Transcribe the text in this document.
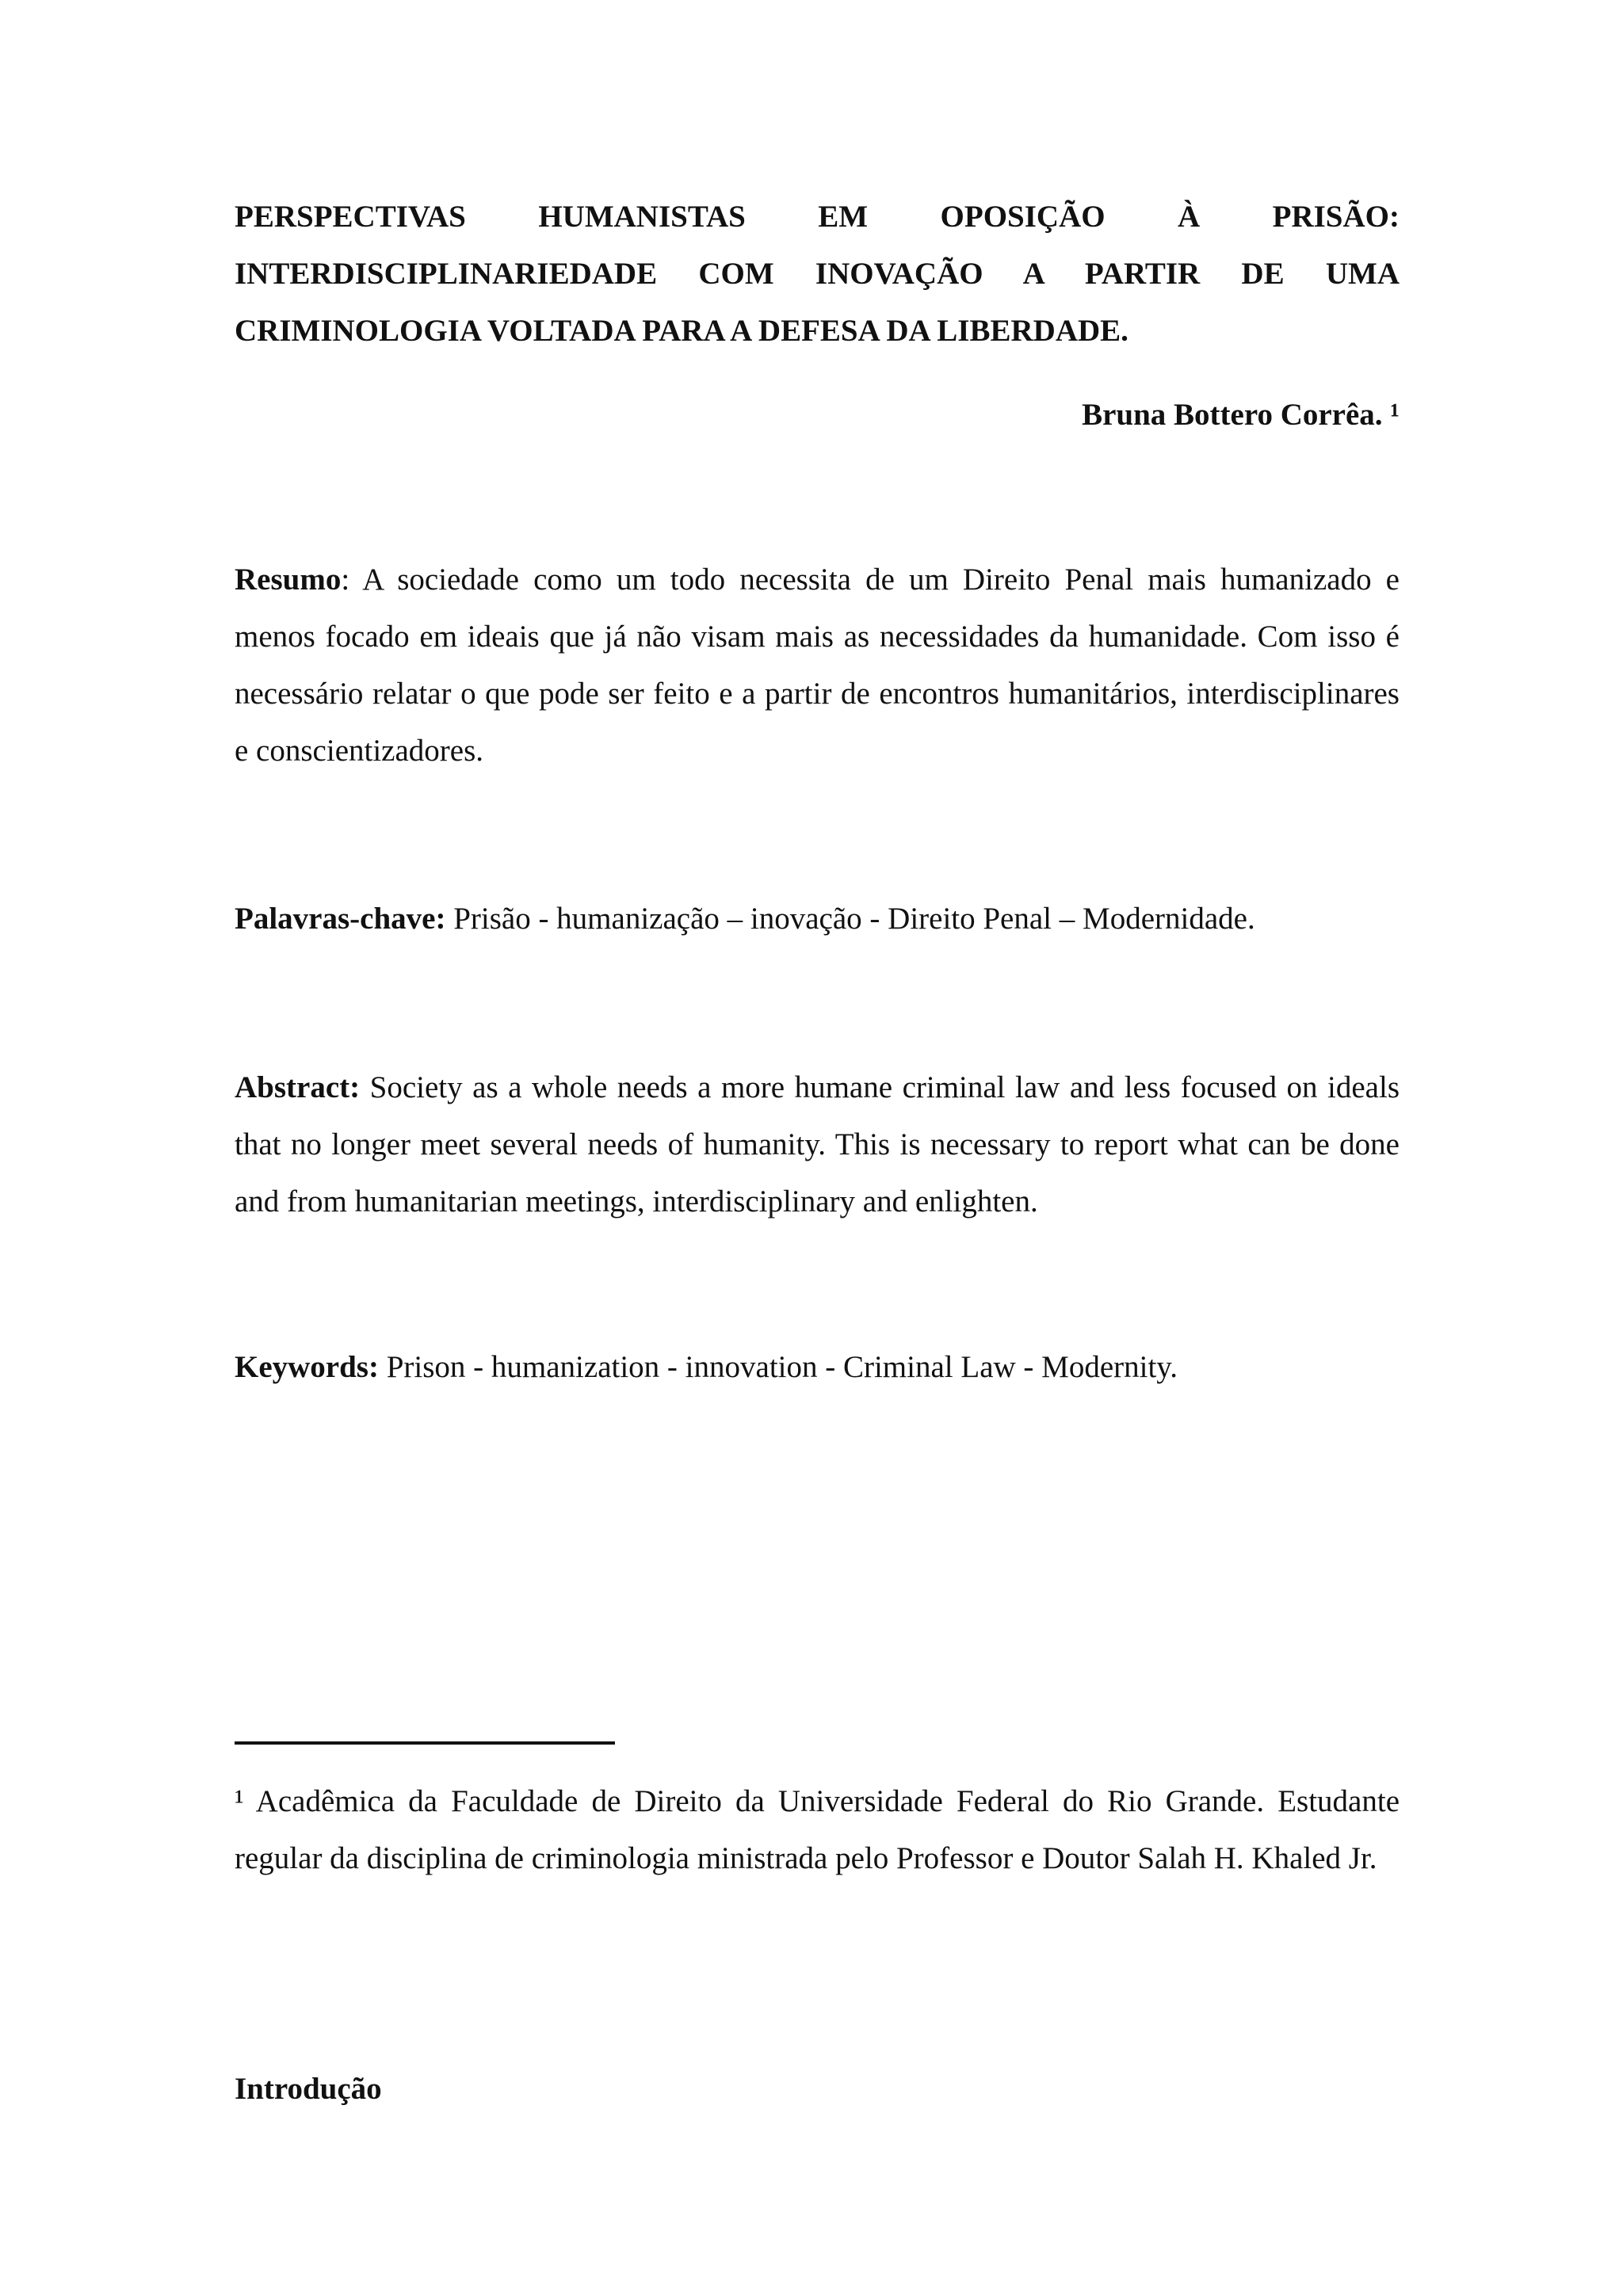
PERSPECTIVAS HUMANISTAS EM OPOSIÇÃO À PRISÃO: INTERDISCIPLINARIEDADE COM INOVAÇÃO A PARTIR DE UMA CRIMINOLOGIA VOLTADA PARA A DEFESA DA LIBERDADE.

Bruna Bottero Corrêa. ¹

Resumo: A sociedade como um todo necessita de um Direito Penal mais humanizado e menos focado em ideais que já não visam mais as necessidades da humanidade. Com isso é necessário relatar o que pode ser feito e a partir de encontros humanitários, interdisciplinares e conscientizadores.

Palavras-chave: Prisão - humanização – inovação - Direito Penal – Modernidade.

Abstract: Society as a whole needs a more humane criminal law and less focused on ideals that no longer meet several needs of humanity. This is necessary to report what can be done and from humanitarian meetings, interdisciplinary and enlighten.

Keywords: Prison - humanization - innovation - Criminal Law - Modernity.

¹ Acadêmica da Faculdade de Direito da Universidade Federal do Rio Grande. Estudante regular da disciplina de criminologia ministrada pelo Professor e Doutor Salah H. Khaled Jr.

Introdução
